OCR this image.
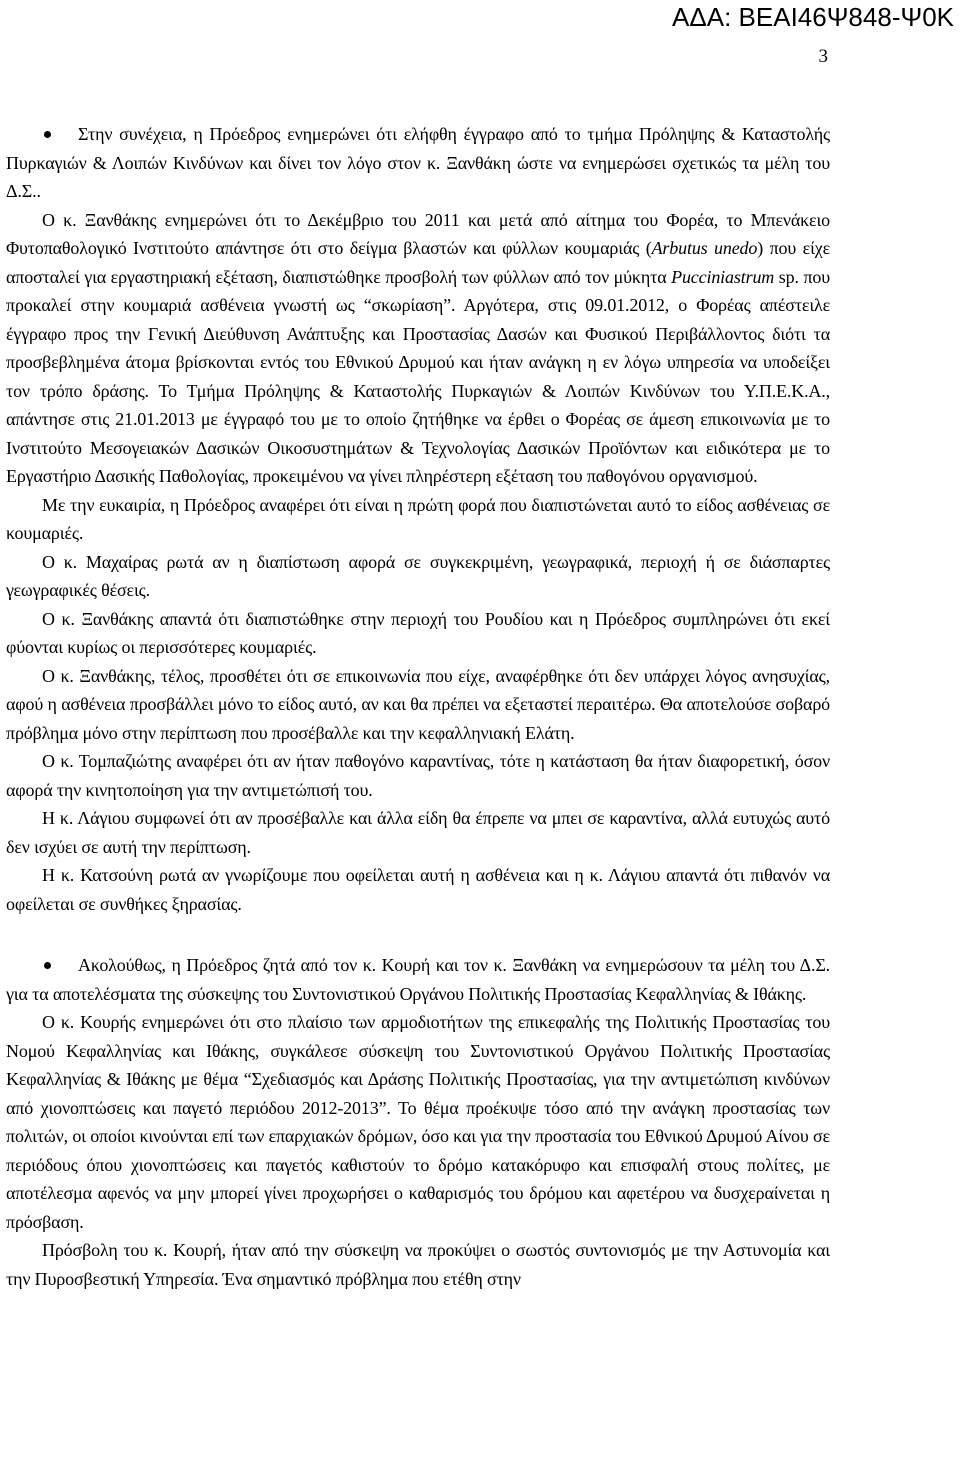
ΑΔΑ: ΒΕΑΙ46Ψ848-Ψ0Κ
3

Στην συνέχεια, η Πρόεδρος ενημερώνει ότι ελήφθη έγγραφο από το τμήμα Πρόληψης & Καταστολής Πυρκαγιών & Λοιπών Κινδύνων και δίνει τον λόγο στον κ. Ξανθάκη ώστε να ενημερώσει σχετικώς τα μέλη του Δ.Σ..

Ο κ. Ξανθάκης ενημερώνει ότι το Δεκέμβριο του 2011 και μετά από αίτημα του Φορέα, το Μπενάκειο Φυτοπαθολογικό Ινστιτούτο απάντησε ότι στο δείγμα βλαστών και φύλλων κουμαριάς (Arbutus unedo) που είχε αποσταλεί για εργαστηριακή εξέταση, διαπιστώθηκε προσβολή των φύλλων από τον μύκητα Pucciniastrum sp. που προκαλεί στην κουμαριά ασθένεια γνωστή ως “σκωρίαση”. Αργότερα, στις 09.01.2012, ο Φορέας απέστειλε έγγραφο προς την Γενική Διεύθυνση Ανάπτυξης και Προστασίας Δασών και Φυσικού Περιβάλλοντος διότι τα προσβεβλημένα άτομα βρίσκονται εντός του Εθνικού Δρυμού και ήταν ανάγκη η εν λόγω υπηρεσία να υποδείξει τον τρόπο δράσης. Το Τμήμα Πρόληψης & Καταστολής Πυρκαγιών & Λοιπών Κινδύνων του Υ.Π.Ε.Κ.Α., απάντησε στις 21.01.2013 με έγγραφό του με το οποίο ζητήθηκε να έρθει ο Φορέας σε άμεση επικοινωνία με το Ινστιτούτο Μεσογειακών Δασικών Οικοσυστημάτων & Τεχνολογίας Δασικών Προϊόντων και ειδικότερα με το Εργαστήριο Δασικής Παθολογίας, προκειμένου να γίνει πληρέστερη εξέταση του παθογόνου οργανισμού.

Με την ευκαιρία, η Πρόεδρος αναφέρει ότι είναι η πρώτη φορά που διαπιστώνεται αυτό το είδος ασθένειας σε κουμαριές.

Ο κ. Μαχαίρας ρωτά αν η διαπίστωση αφορά σε συγκεκριμένη, γεωγραφικά, περιοχή ή σε διάσπαρτες γεωγραφικές θέσεις.

Ο κ. Ξανθάκης απαντά ότι διαπιστώθηκε στην περιοχή του Ρουδίου και η Πρόεδρος συμπληρώνει ότι εκεί φύονται κυρίως οι περισσότερες κουμαριές.

Ο κ. Ξανθάκης, τέλος, προσθέτει ότι σε επικοινωνία που είχε, αναφέρθηκε ότι δεν υπάρχει λόγος ανησυχίας, αφού η ασθένεια προσβάλλει μόνο το είδος αυτό, αν και θα πρέπει να εξεταστεί περαιτέρω. Θα αποτελούσε σοβαρό πρόβλημα μόνο στην περίπτωση που προσέβαλλε και την κεφαλληνιακή Ελάτη.

Ο κ. Τομπαζιώτης αναφέρει ότι αν ήταν παθογόνο καραντίνας, τότε η κατάσταση θα ήταν διαφορετική, όσον αφορά την κινητοποίηση για την αντιμετώπισή του.

Η κ. Λάγιου συμφωνεί ότι αν προσέβαλλε και άλλα είδη θα έπρεπε να μπει σε καραντίνα, αλλά ευτυχώς αυτό δεν ισχύει σε αυτή την περίπτωση.

Η κ. Κατσούνη ρωτά αν γνωρίζουμε που οφείλεται αυτή η ασθένεια και η κ. Λάγιου απαντά ότι πιθανόν να οφείλεται σε συνθήκες ξηρασίας.

Ακολούθως, η Πρόεδρος ζητά από τον κ. Κουρή και τον κ. Ξανθάκη να ενημερώσουν τα μέλη του Δ.Σ. για τα αποτελέσματα της σύσκεψης του Συντονιστικού Οργάνου Πολιτικής Προστασίας Κεφαλληνίας & Ιθάκης.

Ο κ. Κουρής ενημερώνει ότι στο πλαίσιο των αρμοδιοτήτων της επικεφαλής της Πολιτικής Προστασίας του Νομού Κεφαλληνίας και Ιθάκης, συγκάλεσε σύσκεψη του Συντονιστικού Οργάνου Πολιτικής Προστασίας Κεφαλληνίας & Ιθάκης με θέμα “Σχεδιασμός και Δράσης Πολιτικής Προστασίας, για την αντιμετώπιση κινδύνων από χιονοπτώσεις και παγετό περιόδου 2012-2013”. Το θέμα προέκυψε τόσο από την ανάγκη προστασίας των πολιτών, οι οποίοι κινούνται επί των επαρχιακών δρόμων, όσο και για την προστασία του Εθνικού Δρυμού Αίνου σε περιόδους όπου χιονοπτώσεις και παγετός καθιστούν το δρόμο κατακόρυφο και επισφαλή στους πολίτες, με αποτέλεσμα αφενός να μην μπορεί γίνει προχωρήσει ο καθαρισμός του δρόμου και αφετέρου να δυσχεραίνεται η πρόσβαση.

Πρόσβολη του κ. Κουρή, ήταν από την σύσκεψη να προκύψει ο σωστός συντονισμός με την Αστυνομία και την Πυροσβεστική Υπηρεσία. Ένα σημαντικό πρόβλημα που ετέθη στην
